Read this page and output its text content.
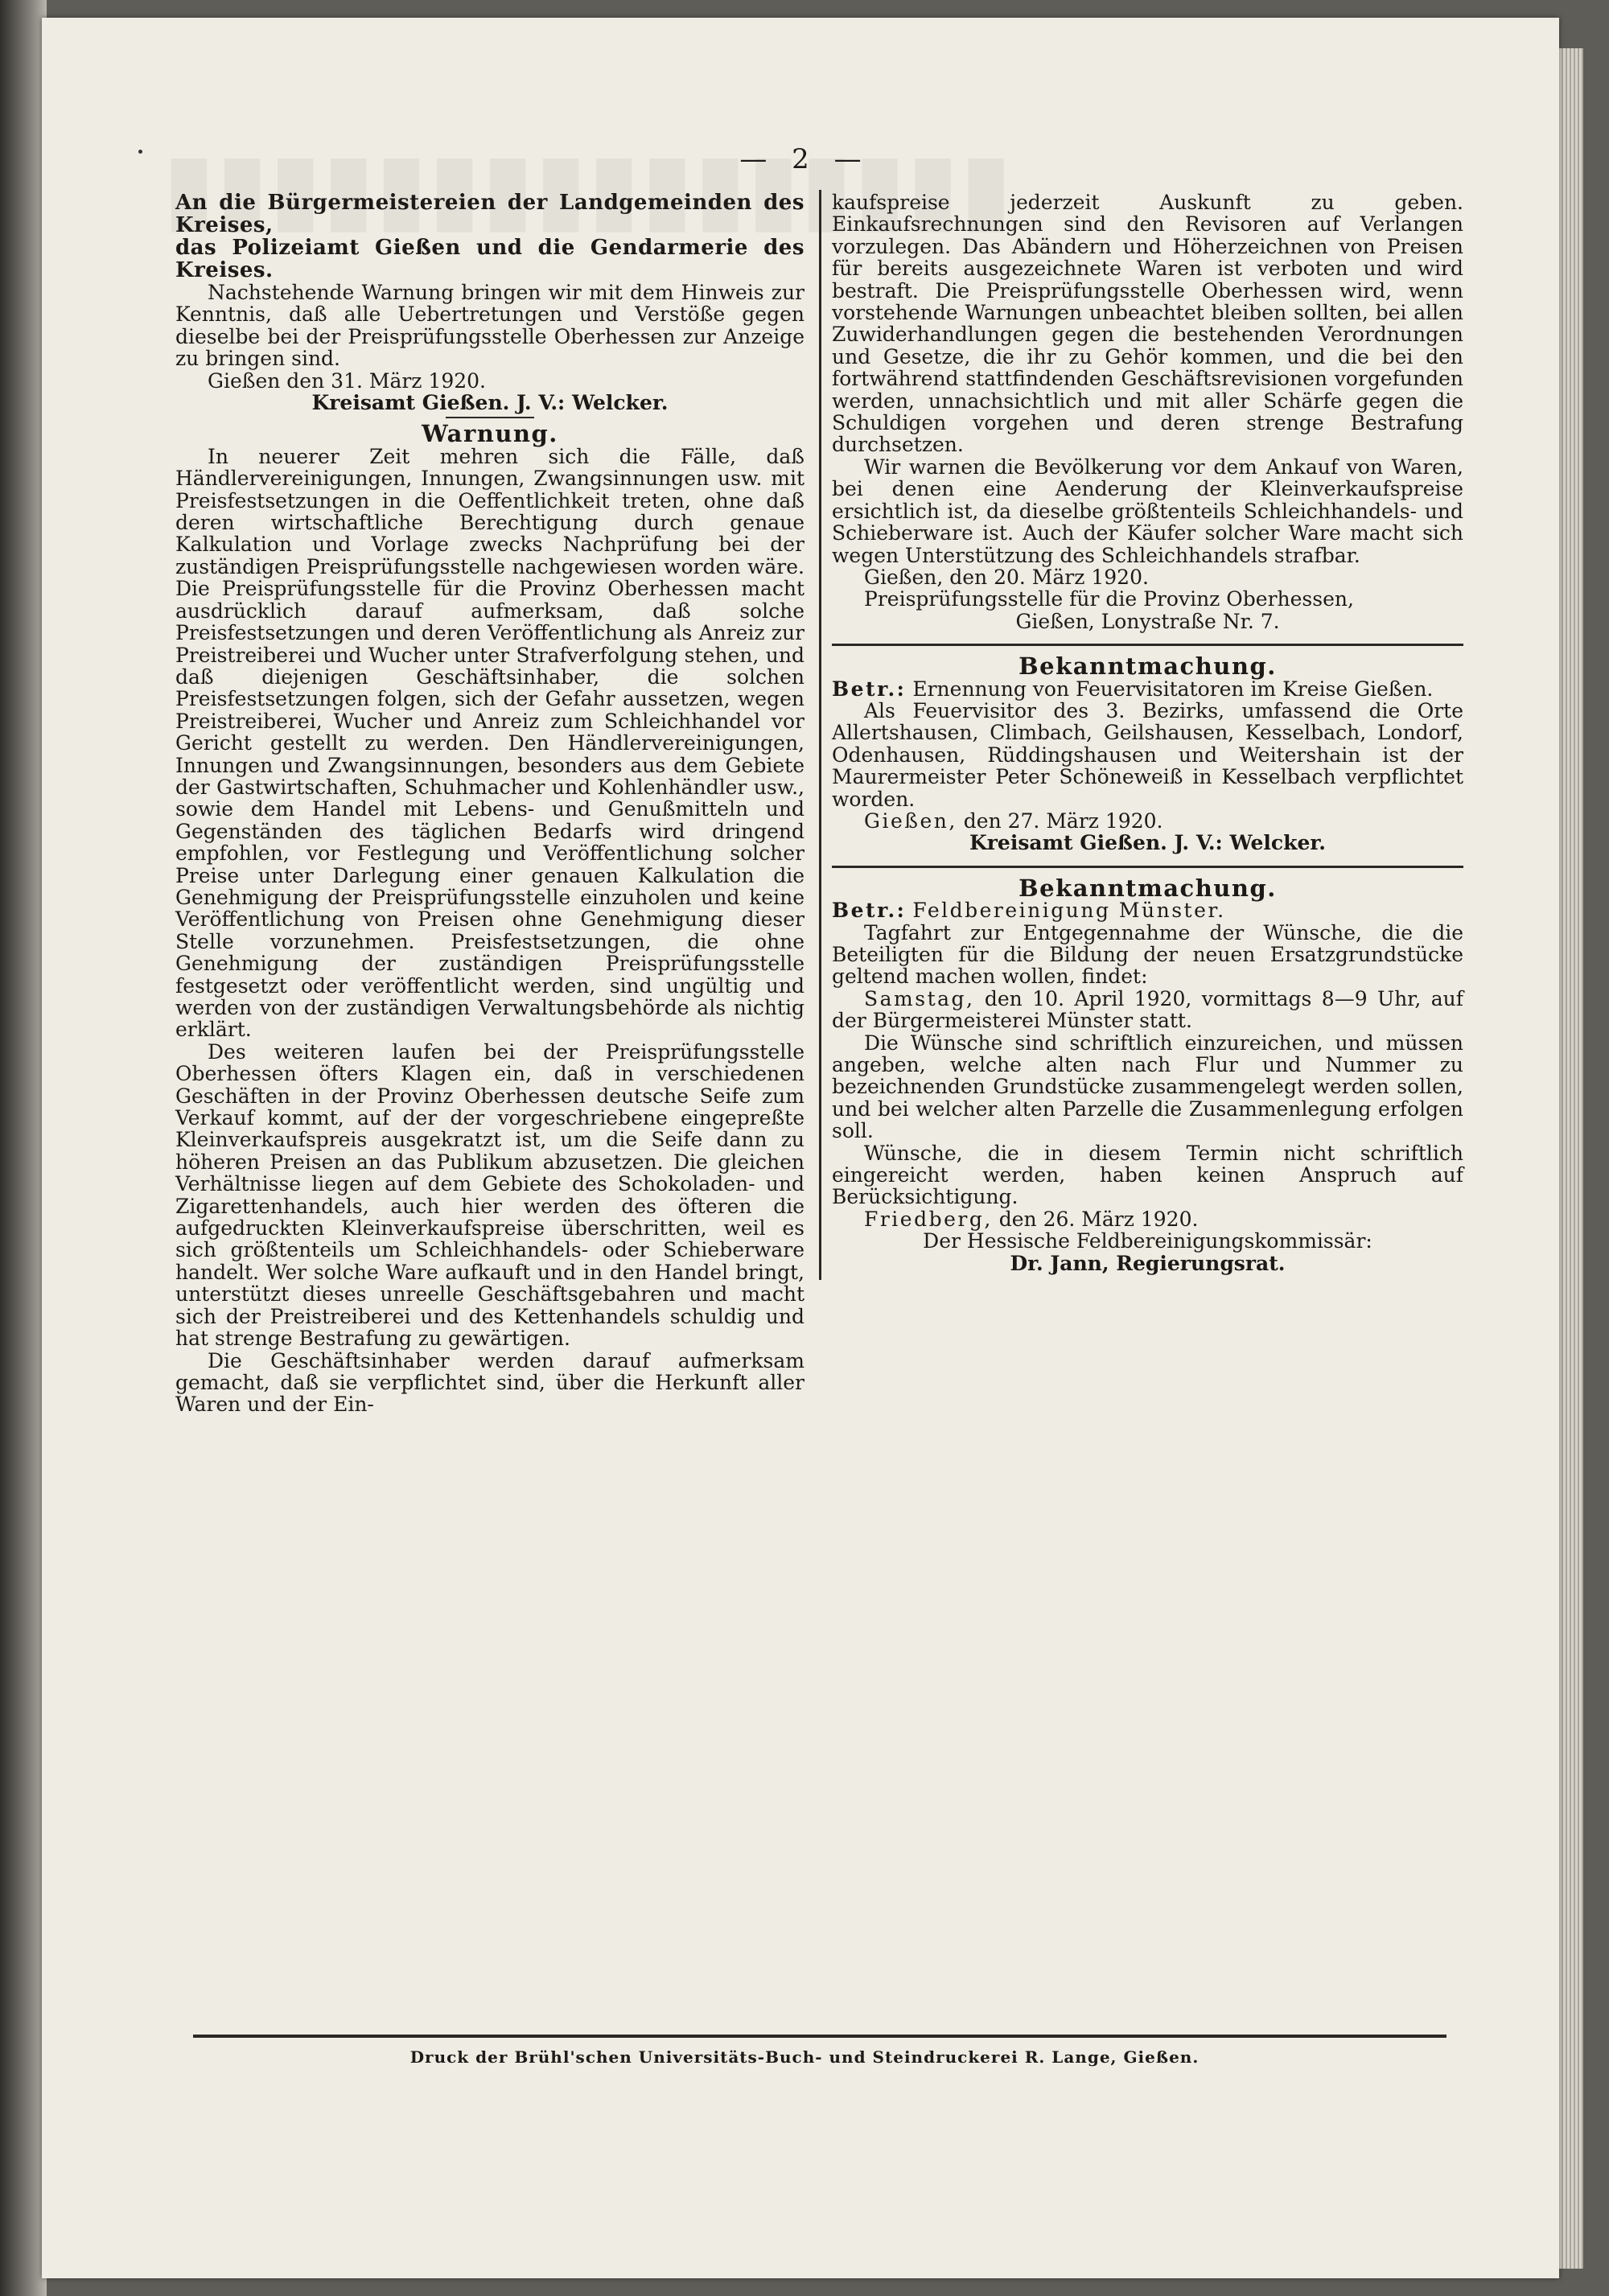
— 2 —

An die Bürgermeistereien der Landgemeinden des Kreises,

das Polizeiamt Gießen und die Gendarmerie des Kreises.

Nachstehende Warnung bringen wir mit dem Hinweis zur Kenntnis, daß alle Uebertretungen und Verstöße gegen dieselbe bei der Preisprüfungsstelle Oberhessen zur Anzeige zu bringen sind.

Gießen den 31. März 1920.

Kreisamt Gießen. J. V.: Welcker.

Warnung.

In neuerer Zeit mehren sich die Fälle, daß Händlervereinigungen, Innungen, Zwangsinnungen usw. mit Preisfestsetzungen in die Oeffentlichkeit treten, ohne daß deren wirtschaftliche Berechtigung durch genaue Kalkulation und Vorlage zwecks Nachprüfung bei der zuständigen Preisprüfungsstelle nachgewiesen worden wäre. Die Preisprüfungsstelle für die Provinz Oberhessen macht ausdrücklich darauf aufmerksam, daß solche Preisfestsetzungen und deren Veröffentlichung als Anreiz zur Preistreiberei und Wucher unter Strafverfolgung stehen, und daß diejenigen Geschäftsinhaber, die solchen Preisfestsetzungen folgen, sich der Gefahr aussetzen, wegen Preistreiberei, Wucher und Anreiz zum Schleichhandel vor Gericht gestellt zu werden. Den Händlervereinigungen, Innungen und Zwangsinnungen, besonders aus dem Gebiete der Gastwirtschaften, Schuhmacher und Kohlenhändler usw., sowie dem Handel mit Lebens- und Genußmitteln und Gegenständen des täglichen Bedarfs wird dringend empfohlen, vor Festlegung und Veröffentlichung solcher Preise unter Darlegung einer genauen Kalkulation die Genehmigung der Preisprüfungsstelle einzuholen und keine Veröffentlichung von Preisen ohne Genehmigung dieser Stelle vorzunehmen. Preisfestsetzungen, die ohne Genehmigung der zuständigen Preisprüfungsstelle festgesetzt oder veröffentlicht werden, sind ungültig und werden von der zuständigen Verwaltungsbehörde als nichtig erklärt.

Des weiteren laufen bei der Preisprüfungsstelle Oberhessen öfters Klagen ein, daß in verschiedenen Geschäften in der Provinz Oberhessen deutsche Seife zum Verkauf kommt, auf der der vorgeschriebene eingepreßte Kleinverkaufspreis ausgekratzt ist, um die Seife dann zu höheren Preisen an das Publikum abzusetzen. Die gleichen Verhältnisse liegen auf dem Gebiete des Schokoladen- und Zigarettenhandels, auch hier werden des öfteren die aufgedruckten Kleinverkaufspreise überschritten, weil es sich größtenteils um Schleichhandels- oder Schieberware handelt. Wer solche Ware aufkauft und in den Handel bringt, unterstützt dieses unreelle Geschäftsgebahren und macht sich der Preistreiberei und des Kettenhandels schuldig und hat strenge Bestrafung zu gewärtigen.

Die Geschäftsinhaber werden darauf aufmerksam gemacht, daß sie verpflichtet sind, über die Herkunft aller Waren und der Ein-

kaufspreise jederzeit Auskunft zu geben. Einkaufsrechnungen sind den Revisoren auf Verlangen vorzulegen. Das Abändern und Höherzeichnen von Preisen für bereits ausgezeichnete Waren ist verboten und wird bestraft. Die Preisprüfungsstelle Oberhessen wird, wenn vorstehende Warnungen unbeachtet bleiben sollten, bei allen Zuwiderhandlungen gegen die bestehenden Verordnungen und Gesetze, die ihr zu Gehör kommen, und die bei den fortwährend stattfindenden Geschäftsrevisionen vorgefunden werden, unnachsichtlich und mit aller Schärfe gegen die Schuldigen vorgehen und deren strenge Bestrafung durchsetzen.

Wir warnen die Bevölkerung vor dem Ankauf von Waren, bei denen eine Aenderung der Kleinverkaufspreise ersichtlich ist, da dieselbe größtenteils Schleichhandels- und Schieberware ist. Auch der Käufer solcher Ware macht sich wegen Unterstützung des Schleichhandels strafbar.

Gießen, den 20. März 1920.

Preisprüfungsstelle für die Provinz Oberhessen,

Gießen, Lonystraße Nr. 7.

Bekanntmachung.

Betr.: Ernennung von Feuervisitatoren im Kreise Gießen.

Als Feuervisitor des 3. Bezirks, umfassend die Orte Allertshausen, Climbach, Geilshausen, Kesselbach, Londorf, Odenhausen, Rüddingshausen und Weitershain ist der Maurermeister Peter Schöneweiß in Kesselbach verpflichtet worden.

Gießen, den 27. März 1920.

Kreisamt Gießen. J. V.: Welcker.

Bekanntmachung.

Betr.: Feldbereinigung Münster.

Tagfahrt zur Entgegennahme der Wünsche, die die Beteiligten für die Bildung der neuen Ersatzgrundstücke geltend machen wollen, findet:

Samstag, den 10. April 1920, vormittags 8—9 Uhr, auf der Bürgermeisterei Münster statt.

Die Wünsche sind schriftlich einzureichen, und müssen angeben, welche alten nach Flur und Nummer zu bezeichnenden Grundstücke zusammengelegt werden sollen, und bei welcher alten Parzelle die Zusammenlegung erfolgen soll.

Wünsche, die in diesem Termin nicht schriftlich eingereicht werden, haben keinen Anspruch auf Berücksichtigung.

Friedberg, den 26. März 1920.

Der Hessische Feldbereinigungskommissär:

Dr. Jann, Regierungsrat.

Druck der Brühl'schen Universitäts-Buch- und Steindruckerei R. Lange, Gießen.
